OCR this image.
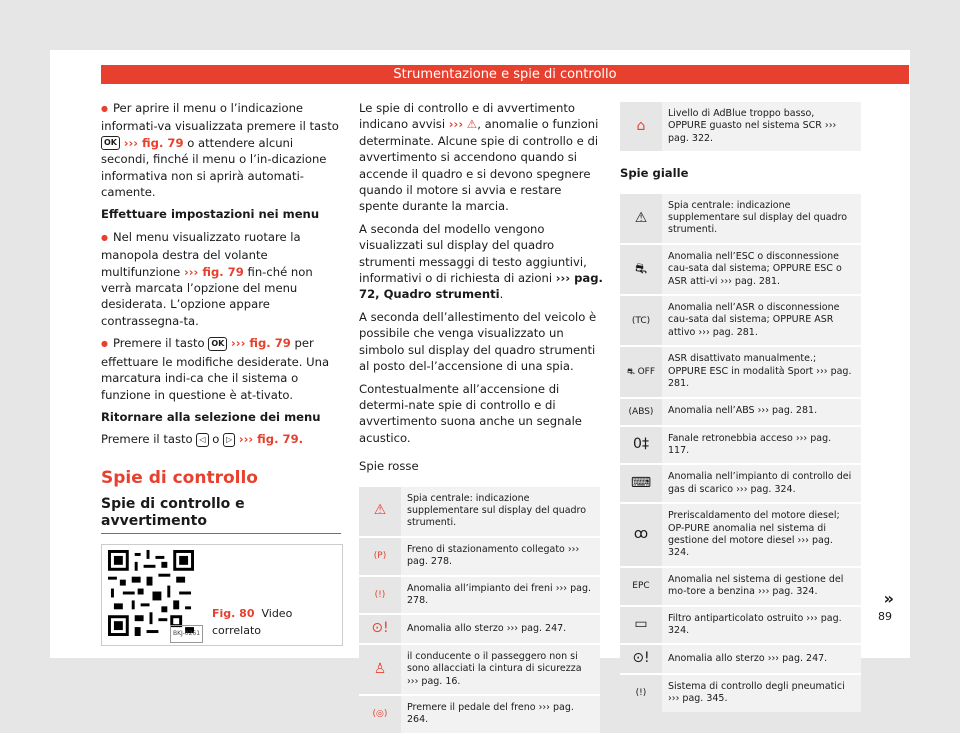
Strumentazione e spie di controllo

● Per aprire il menu o l’indicazione informati-va visualizzata premere il tasto OK ››› fig. 79 o attendere alcuni secondi, finché il menu o l’in-dicazione informativa non si aprirà automati-camente.

Effettuare impostazioni nei menu

● Nel menu visualizzato ruotare la manopola destra del volante multifunzione ››› fig. 79 fin-ché non verrà marcata l’opzione del menu desiderata. L’opzione appare contrassegna-ta.

● Premere il tasto OK ››› fig. 79 per effettuare le modifiche desiderate. Una marcatura indi-ca che il sistema o funzione in questione è at-tivato.

Ritornare alla selezione dei menu

Premere il tasto ◁ o ▷ ››› fig. 79.

Spie di controllo
Spie di controllo e avvertimento
BKJ-0261
Fig. 80 Video correlato

Le spie di controllo e di avvertimento indicano avvisi ››› ⚠, anomalie o funzioni determinate. Alcune spie di controllo e di avvertimento si accendono quando si accende il quadro e si devono spegnere quando il motore si avvia e restare spente durante la marcia.

A seconda del modello vengono visualizzati sul display del quadro strumenti messaggi di testo aggiuntivi, informativi o di richiesta di azioni ››› pag. 72, Quadro strumenti.

A seconda dell’allestimento del veicolo è possibile che venga visualizzato un simbolo sul display del quadro strumenti al posto del-l’accensione di una spia.

Contestualmente all’accensione di determi-nate spie di controllo e di avvertimento suona anche un segnale acustico.

Spie rosse
⚠	Spia centrale: indicazione supplementare sul display del quadro strumenti.
(P)	Freno di stazionamento collegato ››› pag. 278.
(!)	Anomalia all’impianto dei freni ››› pag. 278.
⊙!	Anomalia allo sterzo ››› pag. 247.
♙	il conducente o il passeggero non si sono allacciati la cintura di sicurezza ››› pag. 16.
(◎)	Premere il pedale del freno ››› pag. 264.
⌂	Livello di AdBlue troppo basso, OPPURE guasto nel sistema SCR ››› pag. 322.
Spie gialle
⚠	Spia centrale: indicazione supplementare sul display del quadro strumenti.
⛐	Anomalia nell’ESC o disconnessione cau-sata dal sistema; OPPURE ESC o ASR atti-vi ››› pag. 281.
(TC)	Anomalia nell’ASR o disconnessione cau-sata dal sistema; OPPURE ASR attivo ››› pag. 281.
⛐ OFF	ASR disattivato manualmente.; OPPURE ESC in modalità Sport ››› pag. 281.
(ABS)	Anomalia nell’ABS ››› pag. 281.
0‡	Fanale retronebbia acceso ››› pag. 117.
⌨	Anomalia nell’impianto di controllo dei gas di scarico ››› pag. 324.
ꝏ	Preriscaldamento del motore diesel; OP-PURE anomalia nel sistema di gestione del motore diesel ››› pag. 324.
EPC	Anomalia nel sistema di gestione del mo-tore a benzina ››› pag. 324.
▭	Filtro antiparticolato ostruito ››› pag. 324.
⊙!	Anomalia allo sterzo ››› pag. 247.
(!)	Sistema di controllo degli pneumatici ››› pag. 345.
»
89
